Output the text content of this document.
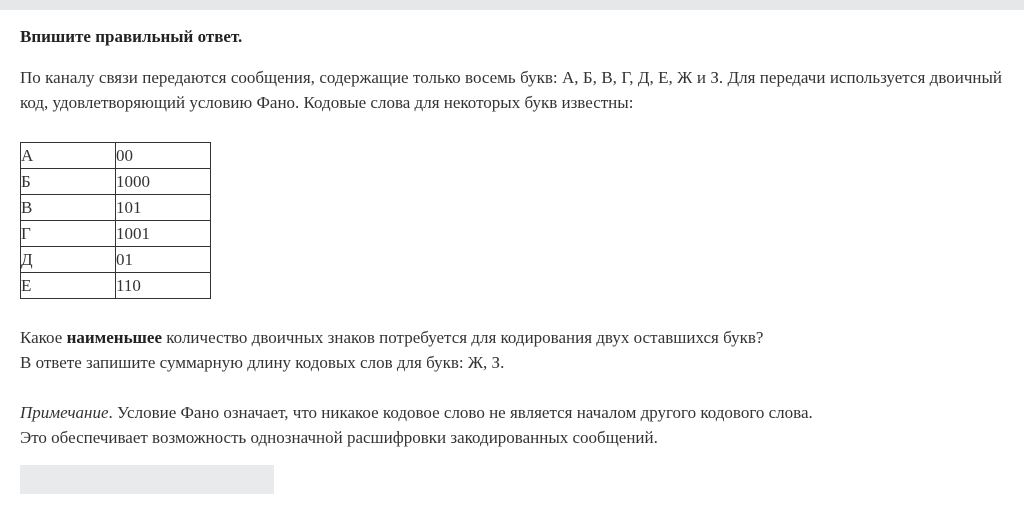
Впишите правильный ответ.

По каналу связи передаются сообщения, содержащие только восемь букв: А, Б, В, Г, Д, Е, Ж и З. Для передачи используется двоичный код, удовлетворяющий условию Фано. Кодовые слова для некоторых букв известны:

А	00
Б	1000
В	101
Г	1001
Д	01
Е	110

Какое наименьшее количество двоичных знаков потребуется для кодирования двух оставшихся букв?
В ответе запишите суммарную длину кодовых слов для букв: Ж, З.

Примечание. Условие Фано означает, что никакое кодовое слово не является началом другого кодового слова.
Это обеспечивает возможность однозначной расшифровки закодированных сообщений.
